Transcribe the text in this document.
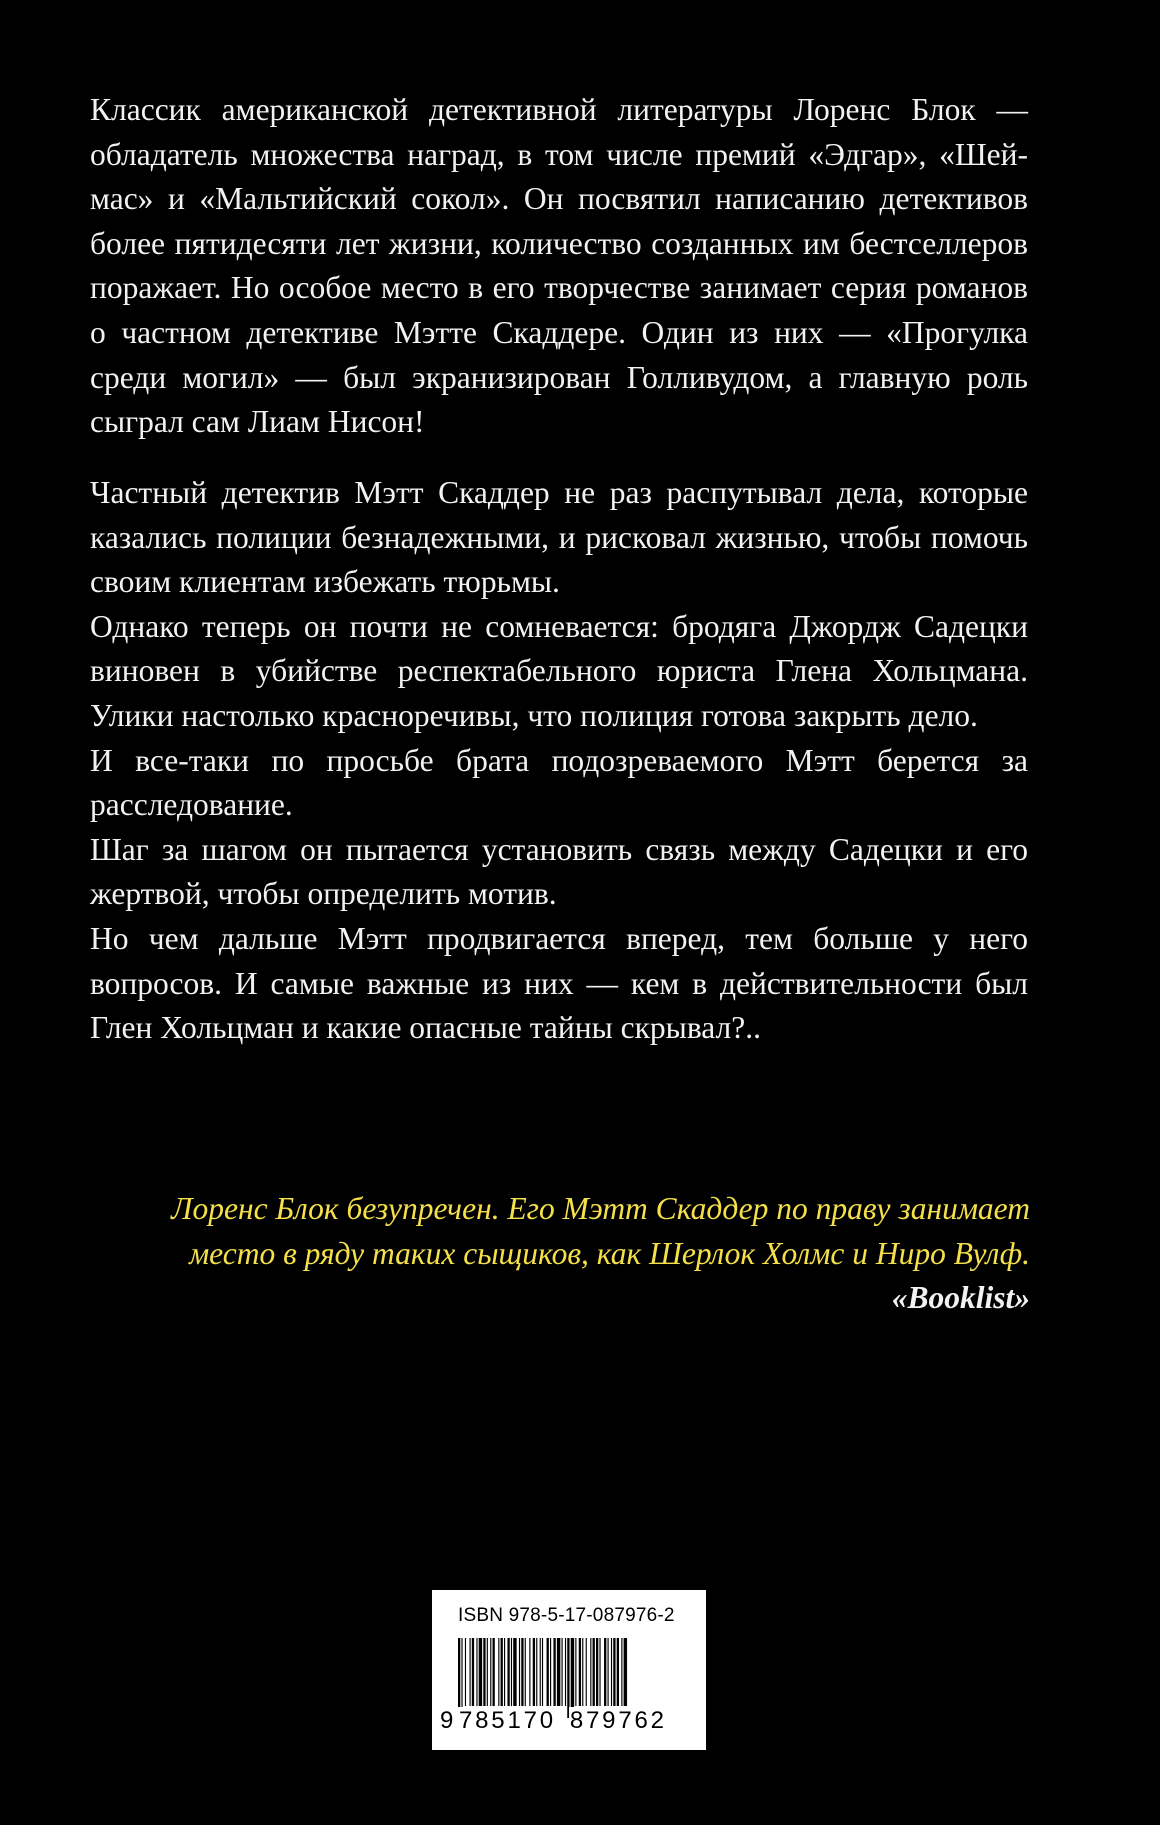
Классик американской детективной литературы Лоренс Блок — обладатель множества наград, в том числе премий «Эдгар», «Шеймас» и «Мальтийский сокол». Он посвятил написанию детективов более пятидесяти лет жизни, количество созданных им бестселлеров поражает. Но особое место в его творчестве занимает серия романов о частном детективе Мэтте Скаддере. Один из них — «Прогулка среди могил» — был экранизирован Голливудом, а главную роль сыграл сам Лиам Нисон!

Частный детектив Мэтт Скаддер не раз распутывал дела, которые казались полиции безнадежными, и рисковал жизнью, чтобы помочь своим клиентам избежать тюрьмы.

Однако теперь он почти не сомневается: бродяга Джордж Садецки виновен в убийстве респектабельного юриста Глена Хольцмана. Улики настолько красноречивы, что полиция готова закрыть дело.

И все-таки по просьбе брата подозреваемого Мэтт берется за расследование.

Шаг за шагом он пытается установить связь между Садецки и его жертвой, чтобы определить мотив.

Но чем дальше Мэтт продвигается вперед, тем больше у него вопросов. И самые важные из них — кем в действительности был Глен Хольцман и какие опасные тайны скрывал?..

Лоренс Блок безупречен. Его Мэтт Скаддер по праву занимает
место в ряду таких сыщиков, как Шерлок Холмс и Ниро Вулф.
«Booklist»
ISBN 978-5-17-087976-2
9 785170 879762
